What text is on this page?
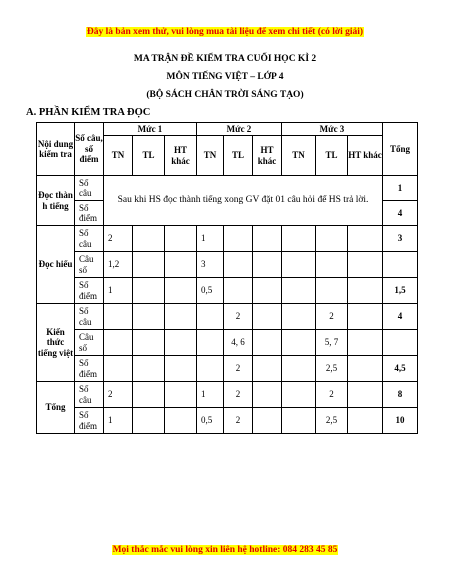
Đây là bản xem thử, vui lòng mua tài liệu để xem chi tiết (có lời giải)
MA TRẬN ĐỀ KIỂM TRA CUỐI HỌC KÌ 2
MÔN TIẾNG VIỆT – LỚP 4
(BỘ SÁCH CHÂN TRỜI SÁNG TẠO)
A. PHẦN KIỂM TRA ĐỌC
Nội dung kiểm tra	Số câu, số điểm	Mức 1			Mức 2			Mức 3			Tổng
		TN	TL	HT khác	TN	TL	HT khác	TN	TL	HT khác	
Đọc thàn h tiếng	Số câu	Sau khi HS đọc thành tiếng xong GV đặt 01 câu hỏi để HS trả lời.									1
	Số điểm										4
Đọc hiểu	Số câu	2			1						3
	Câu số	1,2			3						
	Số điểm	1			0,5						1,5
Kiến thức tiếng việt	Số câu					2			2		4
	Câu số					4, 6			5, 7		
	Số điểm					2			2,5		4,5
Tổng	Số câu	2			1	2			2		8
	Số điểm	1			0,5	2			2,5		10
Mọi thắc mắc vui lòng xin liên hệ hotline: 084 283 45 85
